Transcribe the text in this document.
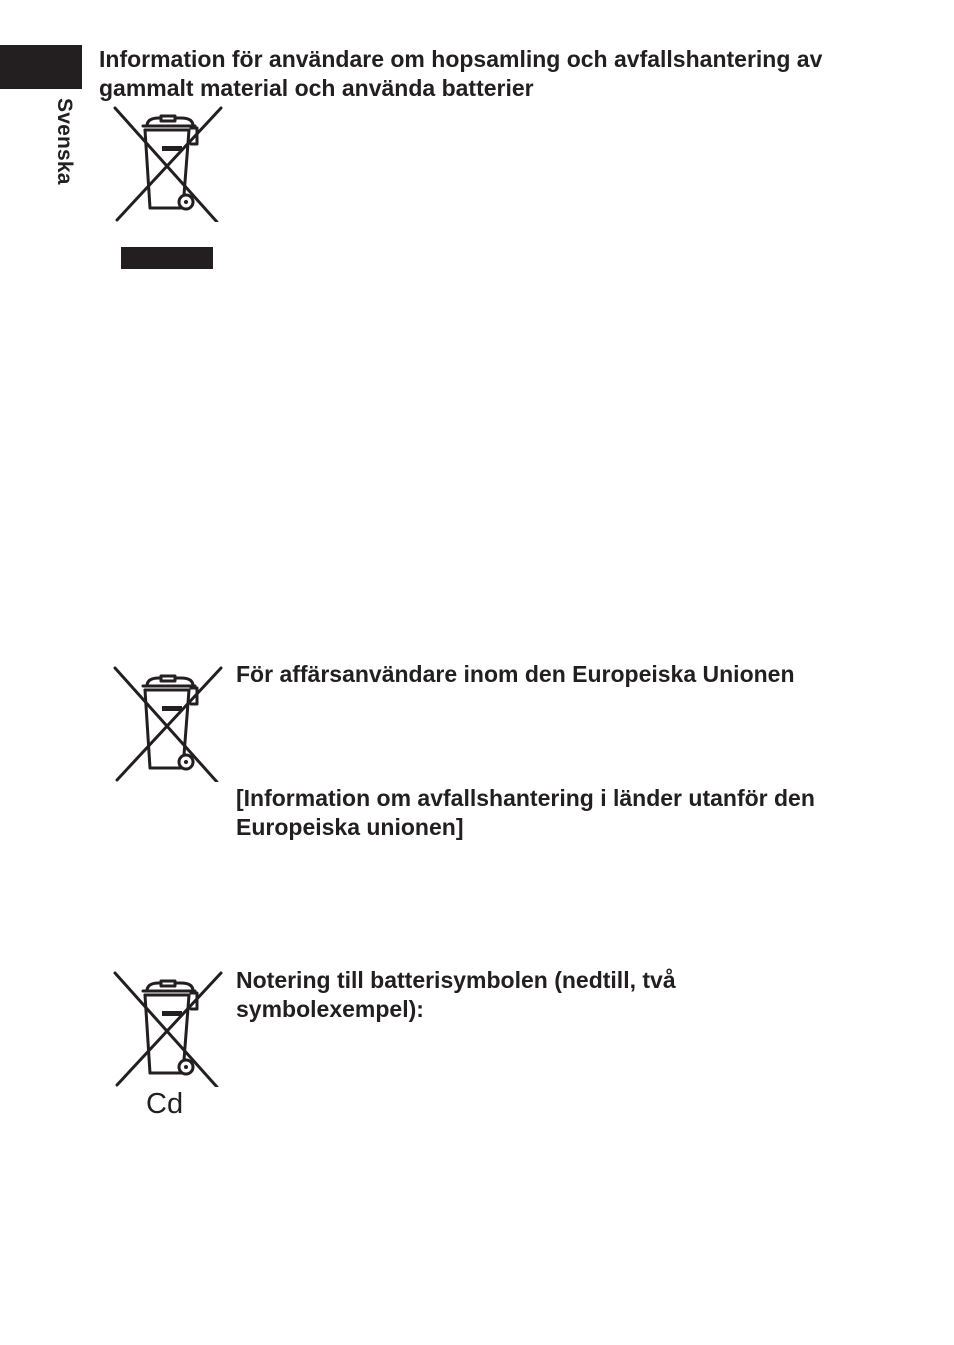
Svenska
Information för användare om hopsamling och avfallshantering av gammalt material och använda batterier
För affärsanvändare inom den Europeiska Unionen
[Information om avfallshantering i länder utanför den Europeiska unionen]
Cd
Notering till batterisymbolen (nedtill, två symbolexempel):
